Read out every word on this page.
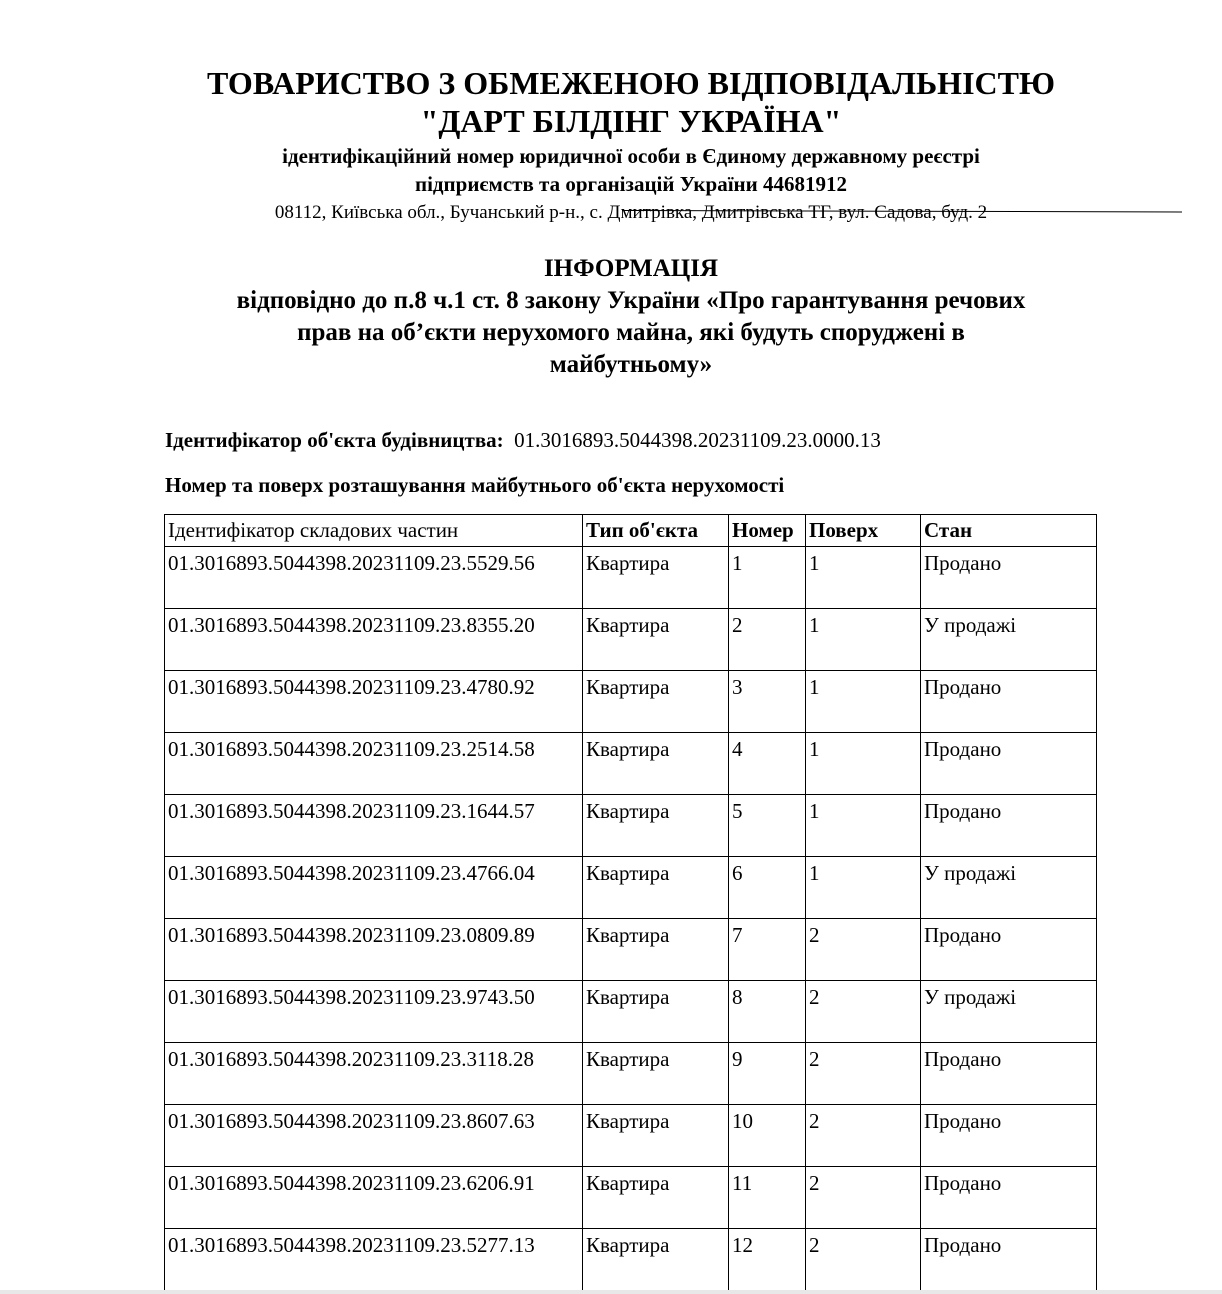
ТОВАРИСТВО З ОБМЕЖЕНОЮ ВІДПОВІДАЛЬНІСТЮ
"ДАРТ БІЛДІНГ УКРАЇНА"
ідентифікаційний номер юридичної особи в Єдиному державному реєстрі
підприємств та організацій України 44681912
08112, Київська обл., Бучанський р-н., с. Дмитрівка, Дмитрівська ТГ, вул. Садова, буд. 2
ІНФОРМАЦІЯ
відповідно до п.8 ч.1 ст. 8 закону України «Про гарантування речових
прав на об’єкти нерухомого майна, які будуть споруджені в
майбутньому»
Ідентифікатор об'єкта будівництва: 01.3016893.5044398.20231109.23.0000.13
Номер та поверх розташування майбутнього об'єкта нерухомості
Ідентифікатор складових частин	Тип об'єкта	Номер	Поверх	Стан
01.3016893.5044398.20231109.23.5529.56	Квартира	1	1	Продано
01.3016893.5044398.20231109.23.8355.20	Квартира	2	1	У продажі
01.3016893.5044398.20231109.23.4780.92	Квартира	3	1	Продано
01.3016893.5044398.20231109.23.2514.58	Квартира	4	1	Продано
01.3016893.5044398.20231109.23.1644.57	Квартира	5	1	Продано
01.3016893.5044398.20231109.23.4766.04	Квартира	6	1	У продажі
01.3016893.5044398.20231109.23.0809.89	Квартира	7	2	Продано
01.3016893.5044398.20231109.23.9743.50	Квартира	8	2	У продажі
01.3016893.5044398.20231109.23.3118.28	Квартира	9	2	Продано
01.3016893.5044398.20231109.23.8607.63	Квартира	10	2	Продано
01.3016893.5044398.20231109.23.6206.91	Квартира	11	2	Продано
01.3016893.5044398.20231109.23.5277.13	Квартира	12	2	Продано
